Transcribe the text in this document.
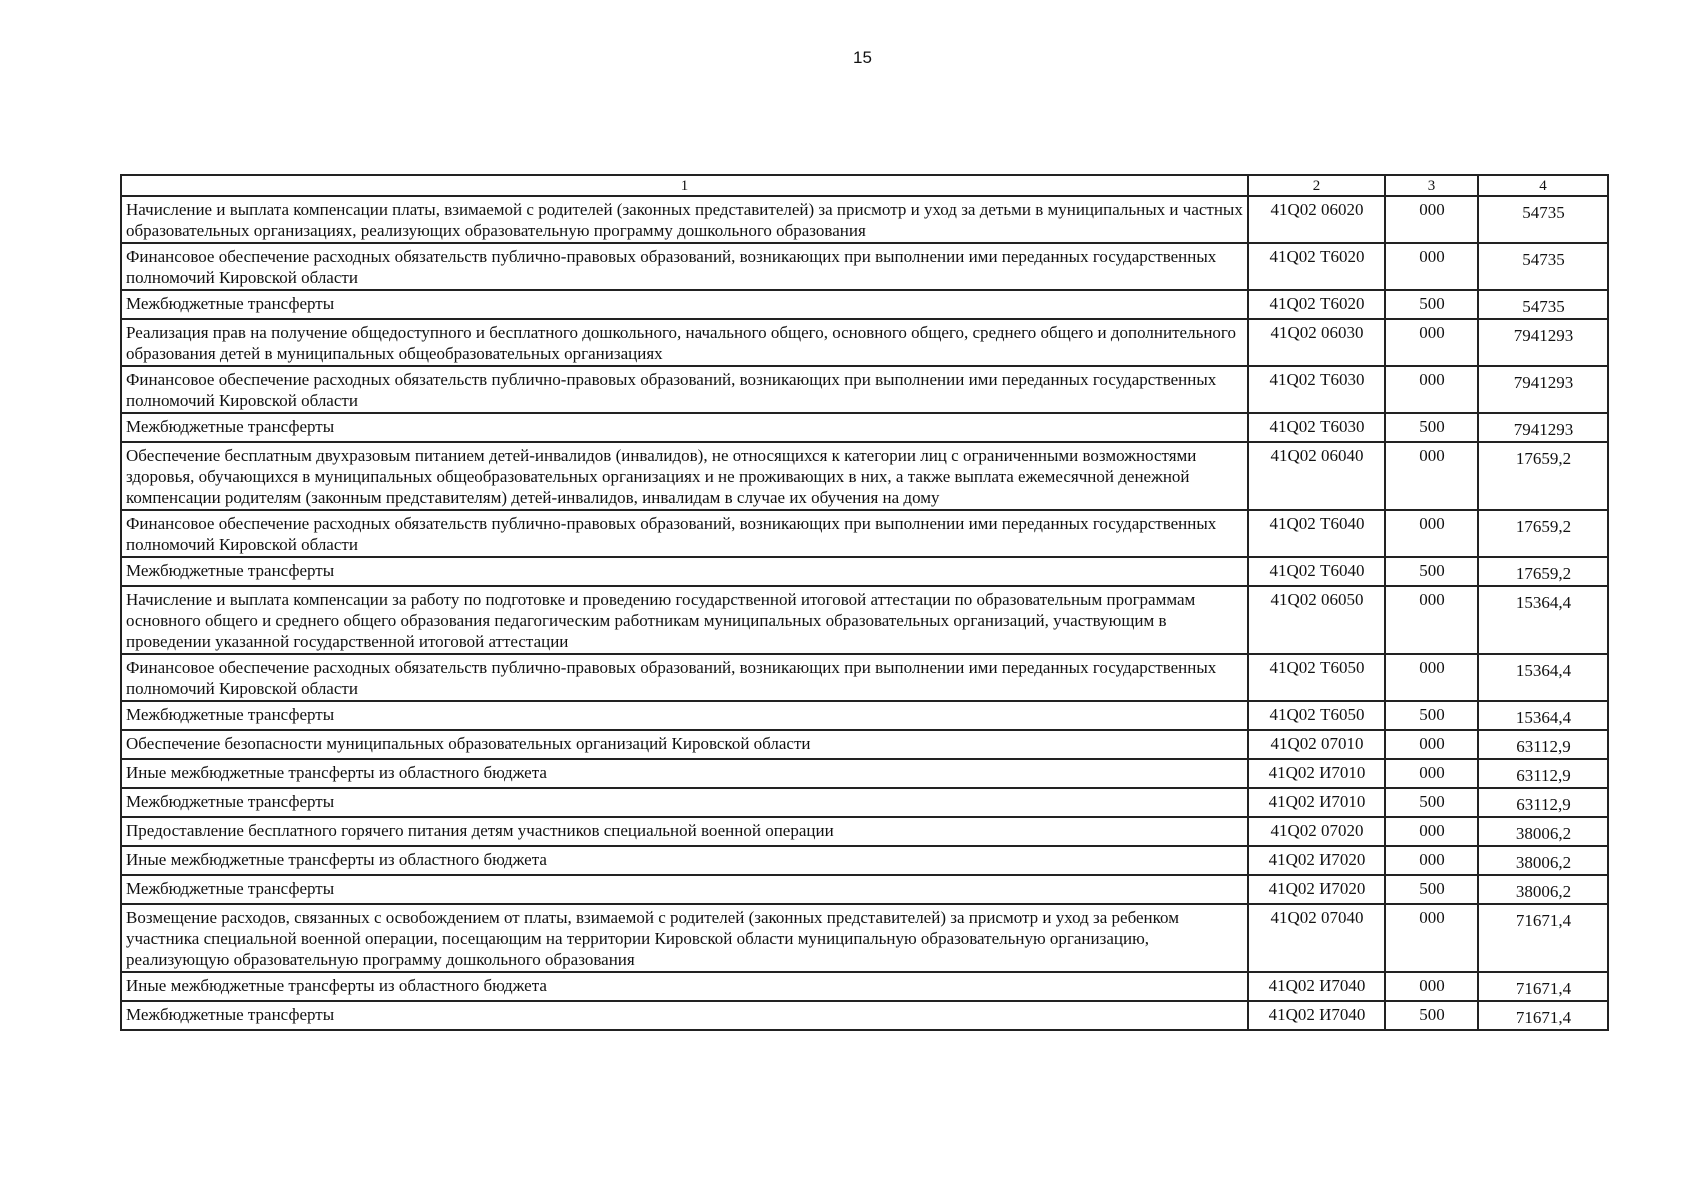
15
1	2	3	4
Начисление и выплата компенсации платы, взимаемой с родителей (законных представителей) за присмотр и уход за детьми в муниципальных и частных образовательных организациях, реализующих образовательную программу дошкольного образования	41Q02 06020	000	54735
Финансовое обеспечение расходных обязательств публично-правовых образований, возникающих при выполнении ими переданных государственных полномочий Кировской области	41Q02 Т6020	000	54735
Межбюджетные трансферты	41Q02 Т6020	500	54735
Реализация прав на получение общедоступного и бесплатного дошкольного, начального общего, основного общего, среднего общего и дополнительного образования детей в муниципальных общеобразовательных организациях	41Q02 06030	000	7941293
Финансовое обеспечение расходных обязательств публично-правовых образований, возникающих при выполнении ими переданных государственных полномочий Кировской области	41Q02 Т6030	000	7941293
Межбюджетные трансферты	41Q02 Т6030	500	7941293
Обеспечение бесплатным двухразовым питанием детей-инвалидов (инвалидов), не относящихся к категории лиц с ограниченными возможностями здоровья, обучающихся в муниципальных общеобразовательных организациях и не проживающих в них, а также выплата ежемесячной денежной компенсации родителям (законным представителям) детей-инвалидов, инвалидам в случае их обучения на дому	41Q02 06040	000	17659,2
Финансовое обеспечение расходных обязательств публично-правовых образований, возникающих при выполнении ими переданных государственных полномочий Кировской области	41Q02 Т6040	000	17659,2
Межбюджетные трансферты	41Q02 Т6040	500	17659,2
Начисление и выплата компенсации за работу по подготовке и проведению государственной итоговой аттестации по образовательным программам основного общего и среднего общего образования педагогическим работникам муниципальных образовательных организаций, участвующим в проведении указанной государственной итоговой аттестации	41Q02 06050	000	15364,4
Финансовое обеспечение расходных обязательств публично-правовых образований, возникающих при выполнении ими переданных государственных полномочий Кировской области	41Q02 Т6050	000	15364,4
Межбюджетные трансферты	41Q02 Т6050	500	15364,4
Обеспечение безопасности муниципальных образовательных организаций Кировской области	41Q02 07010	000	63112,9
Иные межбюджетные трансферты из областного бюджета	41Q02 И7010	000	63112,9
Межбюджетные трансферты	41Q02 И7010	500	63112,9
Предоставление бесплатного горячего питания детям участников специальной военной операции	41Q02 07020	000	38006,2
Иные межбюджетные трансферты из областного бюджета	41Q02 И7020	000	38006,2
Межбюджетные трансферты	41Q02 И7020	500	38006,2
Возмещение расходов, связанных с освобождением от платы, взимаемой с родителей (законных представителей) за присмотр и уход за ребенком участника специальной военной операции, посещающим на территории Кировской области муниципальную образовательную организацию, реализующую образовательную программу дошкольного образования	41Q02 07040	000	71671,4
Иные межбюджетные трансферты из областного бюджета	41Q02 И7040	000	71671,4
Межбюджетные трансферты	41Q02 И7040	500	71671,4
